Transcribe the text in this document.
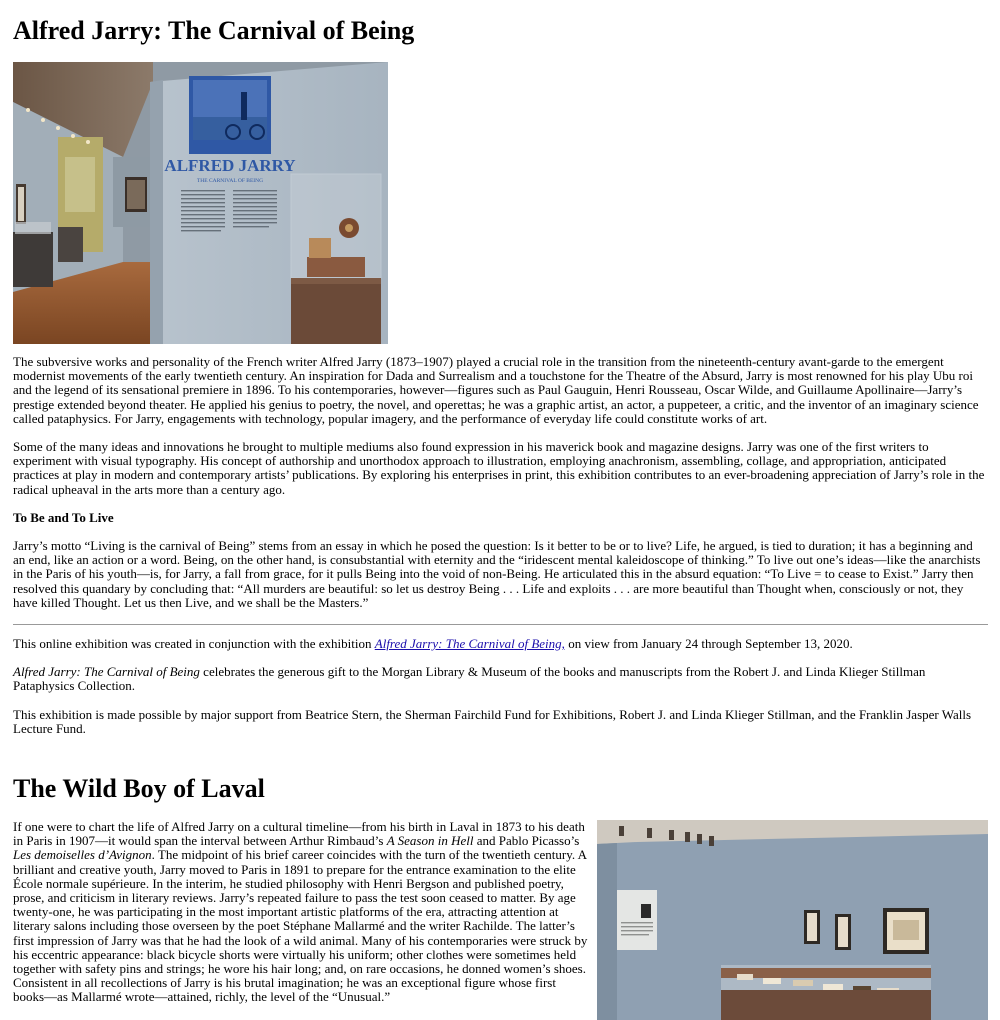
Alfred Jarry: The Carnival of Being
ALFRED JARRY
THE CARNIVAL OF BEING

The subversive works and personality of the French writer Alfred Jarry (1873–1907) played a crucial role in the transition from the nineteenth-century avant-garde to the emergent modernist movements of the early twentieth century. An inspiration for Dada and Surrealism and a touchstone for the Theatre of the Absurd, Jarry is most renowned for his play Ubu roi and the legend of its sensational premiere in 1896. To his contemporaries, however—figures such as Paul Gauguin, Henri Rousseau, Oscar Wilde, and Guillaume Apollinaire—Jarry’s prestige extended beyond theater. He applied his genius to poetry, the novel, and operettas; he was a graphic artist, an actor, a puppeteer, a critic, and the inventor of an imaginary science called pataphysics. For Jarry, engagements with technology, popular imagery, and the performance of everyday life could constitute works of art.

Some of the many ideas and innovations he brought to multiple mediums also found expression in his maverick book and magazine designs. Jarry was one of the first writers to experiment with visual typography. His concept of authorship and unorthodox approach to illustration, employing anachronism, assembling, collage, and appropriation, anticipated practices at play in modern and contemporary artists’ publications. By exploring his enterprises in print, this exhibition contributes to an ever-broadening appreciation of Jarry’s role in the radical upheaval in the arts more than a century ago.

To Be and To Live

Jarry’s motto “Living is the carnival of Being” stems from an essay in which he posed the question: Is it better to be or to live? Life, he argued, is tied to duration; it has a beginning and an end, like an action or a word. Being, on the other hand, is consubstantial with eternity and the “iridescent mental kaleidoscope of thinking.” To live out one’s ideas—like the anarchists in the Paris of his youth—is, for Jarry, a fall from grace, for it pulls Being into the void of non-Being. He articulated this in the absurd equation: “To Live = to cease to Exist.” Jarry then resolved this quandary by concluding that: “All murders are beautiful: so let us destroy Being . . . Life and exploits . . . are more beautiful than Thought when, consciously or not, they have killed Thought. Let us then Live, and we shall be the Masters.”

This online exhibition was created in conjunction with the exhibition Alfred Jarry: The Carnival of Being, on view from January 24 through September 13, 2020.

Alfred Jarry: The Carnival of Being celebrates the generous gift to the Morgan Library & Museum of the books and manuscripts from the Robert J. and Linda Klieger Stillman Pataphysics Collection.

This exhibition is made possible by major support from Beatrice Stern, the Sherman Fairchild Fund for Exhibitions, Robert J. and Linda Klieger Stillman, and the Franklin Jasper Walls Lecture Fund.

The Wild Boy of Laval
If one were to chart the life of Alfred Jarry on a cultural timeline—from his birth in Laval in 1873 to his death in Paris in 1907—it would span the interval between Arthur Rimbaud’s A Season in Hell and Pablo Picasso’s Les demoiselles d’Avignon. The midpoint of his brief career coincides with the turn of the twentieth century. A brilliant and creative youth, Jarry moved to Paris in 1891 to prepare for the entrance examination to the elite École normale supérieure. In the interim, he studied philosophy with Henri Bergson and published poetry, prose, and criticism in literary reviews. Jarry’s repeated failure to pass the test soon ceased to matter. By age twenty-one, he was participating in the most important artistic platforms of the era, attracting attention at literary salons including those overseen by the poet Stéphane Mallarmé and the writer Rachilde. The latter’s first impression of Jarry was that he had the look of a wild animal. Many of his contemporaries were struck by his eccentric appearance: black bicycle shorts were virtually his uniform; other clothes were sometimes held together with safety pins and strings; he wore his hair long; and, on rare occasions, he donned women’s shoes. Consistent in all recollections of Jarry is his brutal imagination; he was an exceptional figure whose first books—as Mallarmé wrote—attained, richly, the level of the “Unusual.”
